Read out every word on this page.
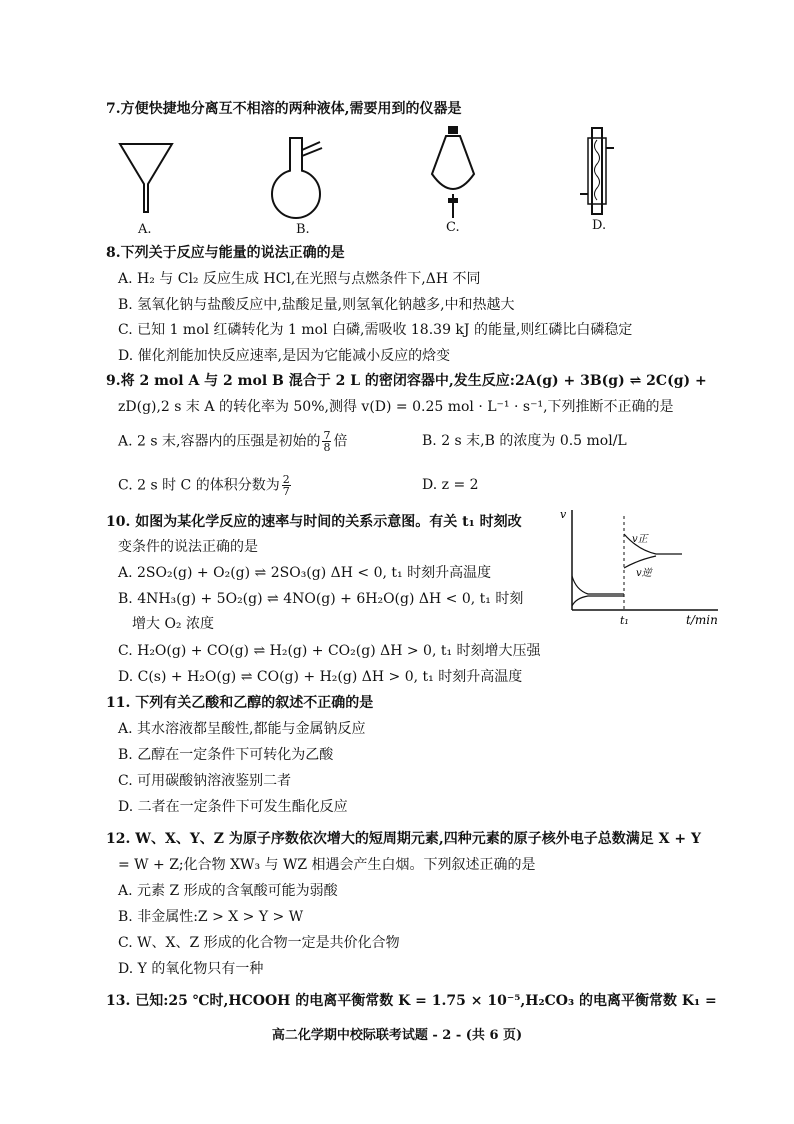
7.方便快捷地分离互不相溶的两种液体,需要用到的仪器是
A.	B.	C.	D.
8.下列关于反应与能量的说法正确的是
A. H₂ 与 Cl₂ 反应生成 HCl,在光照与点燃条件下,ΔH 不同
B. 氢氧化钠与盐酸反应中,盐酸足量,则氢氧化钠越多,中和热越大
C. 已知 1 mol 红磷转化为 1 mol 白磷,需吸收 18.39 kJ 的能量,则红磷比白磷稳定
D. 催化剂能加快反应速率,是因为它能减小反应的焓变
9.将 2 mol A 与 2 mol B 混合于 2 L 的密闭容器中,发生反应:2A(g) + 3B(g) ⇌ 2C(g) +
zD(g),2 s 末 A 的转化率为 50%,测得 v(D) = 0.25 mol · L⁻¹ · s⁻¹,下列推断不正确的是
A. 2 s 末,容器内的压强是初始的 $\frac{7}{8}$ 倍	B. 2 s 末,B 的浓度为 0.5 mol/L
C. 2 s 时 C 的体积分数为 $\frac{2}{7}$	D. z = 2
10. 如图为某化学反应的速率与时间的关系示意图。有关 t₁ 时刻改
变条件的说法正确的是
A. 2SO₂(g) + O₂(g) ⇌ 2SO₃(g) ΔH < 0, t₁ 时刻升高温度
B. 4NH₃(g) + 5O₂(g) ⇌ 4NO(g) + 6H₂O(g) ΔH < 0, t₁ 时刻
增大 O₂ 浓度
C. H₂O(g) + CO(g) ⇌ H₂(g) + CO₂(g) ΔH > 0, t₁ 时刻增大压强
D. C(s) + H₂O(g) ⇌ CO(g) + H₂(g) ΔH > 0, t₁ 时刻升高温度
v
t/min
t₁
v正
v逆
11. 下列有关乙酸和乙醇的叙述不正确的是
A. 其水溶液都呈酸性,都能与金属钠反应
B. 乙醇在一定条件下可转化为乙酸
C. 可用碳酸钠溶液鉴别二者
D. 二者在一定条件下可发生酯化反应
12. W、X、Y、Z 为原子序数依次增大的短周期元素,四种元素的原子核外电子总数满足 X + Y
= W + Z;化合物 XW₃ 与 WZ 相遇会产生白烟。下列叙述正确的是
A. 元素 Z 形成的含氧酸可能为弱酸
B. 非金属性:Z > X > Y > W
C. W、X、Z 形成的化合物一定是共价化合物
D. Y 的氧化物只有一种
13. 已知:25 ℃时,HCOOH 的电离平衡常数 K = 1.75 × 10⁻⁵,H₂CO₃ 的电离平衡常数 K₁ =
高二化学期中校际联考试题 - 2 - (共 6 页)
